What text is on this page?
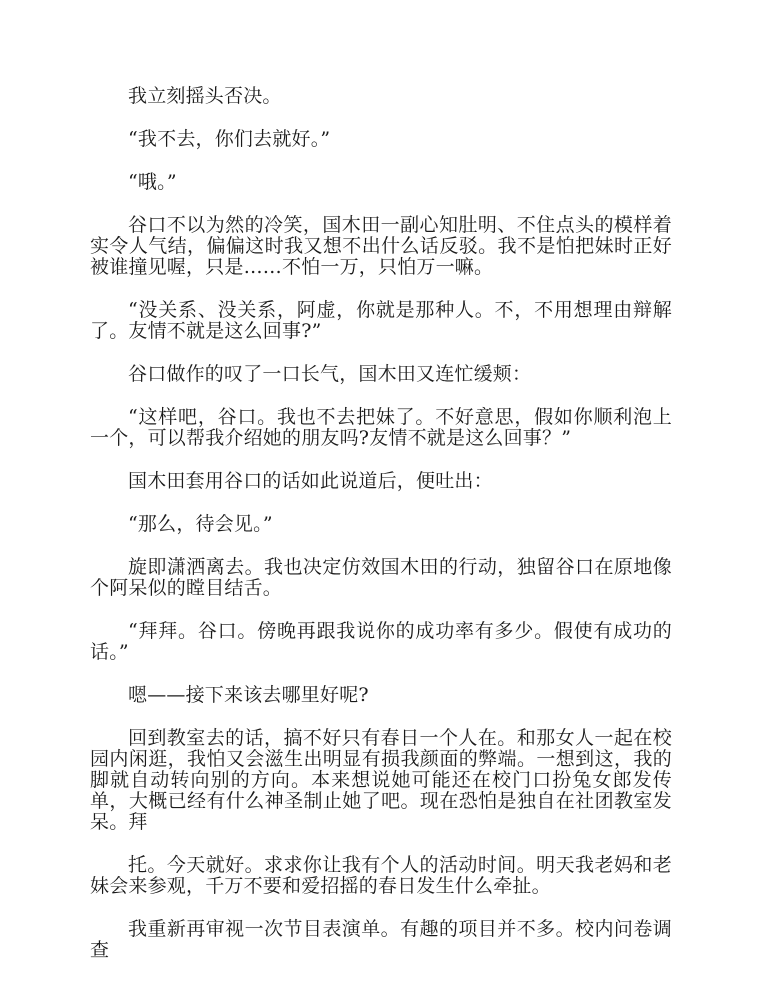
我立刻摇头否决。

“我不去，你们去就好。”

“哦。”

谷口不以为然的冷笑，国木田一副心知肚明、不住点头的模样着实令人气结，偏偏这时我又想不出什么话反驳。我不是怕把妹时正好被谁撞见喔，只是……不怕一万，只怕万一嘛。

“没关系、没关系，阿虚，你就是那种人。不，不用想理由辩解了。友情不就是这么回事?”

谷口做作的叹了一口长气，国木田又连忙缓颊：

“这样吧，谷口。我也不去把妹了。不好意思，假如你顺利泡上一个，可以帮我介绍她的朋友吗?友情不就是这么回事？”

国木田套用谷口的话如此说道后，便吐出：

“那么，待会见。”

旋即潇洒离去。我也决定仿效国木田的行动，独留谷口在原地像个阿呆似的瞠目结舌。

“拜拜。谷口。傍晚再跟我说你的成功率有多少。假使有成功的话。”

嗯——接下来该去哪里好呢?

回到教室去的话，搞不好只有春日一个人在。和那女人一起在校园内闲逛，我怕又会滋生出明显有损我颜面的弊端。一想到这，我的脚就自动转向别的方向。本来想说她可能还在校门口扮兔女郎发传单，大概已经有什么神圣制止她了吧。现在恐怕是独自在社团教室发呆。拜

托。今天就好。求求你让我有个人的活动时间。明天我老妈和老妹会来参观，千万不要和爱招摇的春日发生什么牵扯。

我重新再审视一次节目表演单。有趣的项目并不多。校内问卷调查
